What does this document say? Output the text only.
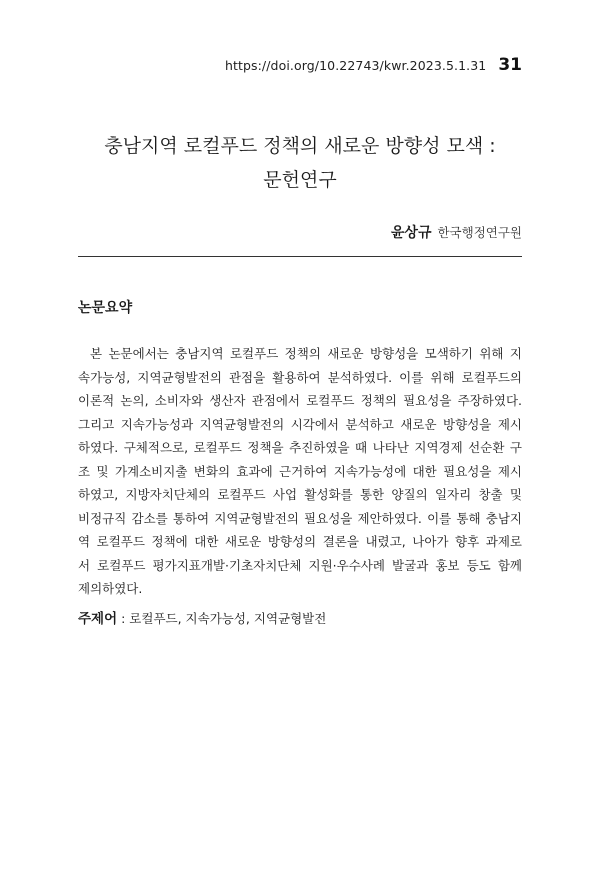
https://doi.org/10.22743/kwr.2023.5.1.31 31
충남지역 로컬푸드 정책의 새로운 방향성 모색 :
문헌연구
윤상규 한국행정연구원
논문요약
본 논문에서는 충남지역 로컬푸드 정책의 새로운 방향성을 모색하기 위해 지
속가능성, 지역균형발전의 관점을 활용하여 분석하였다. 이를 위해 로컬푸드의
이론적 논의, 소비자와 생산자 관점에서 로컬푸드 정책의 필요성을 주장하였다.
그리고 지속가능성과 지역균형발전의 시각에서 분석하고 새로운 방향성을 제시
하였다. 구체적으로, 로컬푸드 정책을 추진하였을 때 나타난 지역경제 선순환 구
조 및 가계소비지출 변화의 효과에 근거하여 지속가능성에 대한 필요성을 제시
하였고, 지방자치단체의 로컬푸드 사업 활성화를 통한 양질의 일자리 창출 및
비정규직 감소를 통하여 지역균형발전의 필요성을 제안하였다. 이를 통해 충남지
역 로컬푸드 정책에 대한 새로운 방향성의 결론을 내렸고, 나아가 향후 과제로
서 로컬푸드 평가지표개발·기초자치단체 지원·우수사례 발굴과 홍보 등도 함께
제의하였다.
주제어 : 로컬푸드, 지속가능성, 지역균형발전
